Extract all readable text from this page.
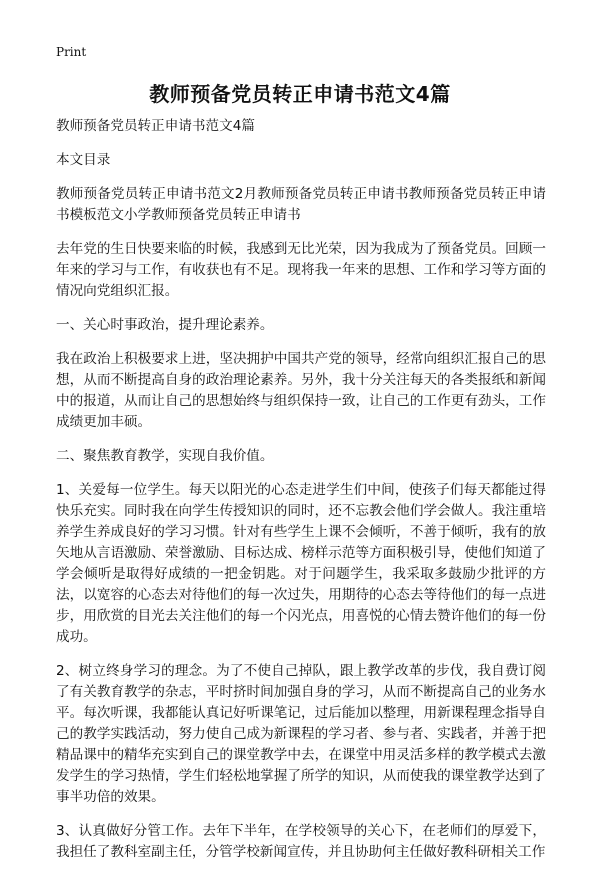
Print
教师预备党员转正申请书范文4篇

教师预备党员转正申请书范文4篇

本文目录

教师预备党员转正申请书范文2月教师预备党员转正申请书教师预备党员转正申请书模板范文小学教师预备党员转正申请书

去年党的生日快要来临的时候，我感到无比光荣，因为我成为了预备党员。回顾一年来的学习与工作，有收获也有不足。现将我一年来的思想、工作和学习等方面的情况向党组织汇报。

一、关心时事政治，提升理论素养。

我在政治上积极要求上进，坚决拥护中国共产党的领导，经常向组织汇报自己的思想，从而不断提高自身的政治理论素养。另外，我十分关注每天的各类报纸和新闻中的报道，从而让自己的思想始终与组织保持一致，让自己的工作更有劲头，工作成绩更加丰硕。

二、聚焦教育教学，实现自我价值。

1、关爱每一位学生。每天以阳光的心态走进学生们中间，使孩子们每天都能过得快乐充实。同时我在向学生传授知识的同时，还不忘教会他们学会做人。我注重培养学生养成良好的学习习惯。针对有些学生上课不会倾听，不善于倾听，我有的放矢地从言语激励、荣誉激励、目标达成、榜样示范等方面积极引导，使他们知道了学会倾听是取得好成绩的一把金钥匙。对于问题学生，我采取多鼓励少批评的方法，以宽容的心态去对待他们的每一次过失，用期待的心态去等待他们的每一点进步，用欣赏的目光去关注他们的每一个闪光点，用喜悦的心情去赞许他们的每一份成功。

2、树立终身学习的理念。为了不使自己掉队，跟上教学改革的步伐，我自费订阅了有关教育教学的杂志，平时挤时间加强自身的学习，从而不断提高自己的业务水平。每次听课，我都能认真记好听课笔记，过后能加以整理，用新课程理念指导自己的教学实践活动，努力使自己成为新课程的学习者、参与者、实践者，并善于把精品课中的精华充实到自己的课堂教学中去，在课堂中用灵活多样的教学模式去激发学生的学习热情，学生们轻松地掌握了所学的知识，从而使我的课堂教学达到了事半功倍的效果。

3、认真做好分管工作。去年下半年，在学校领导的关心下，在老师们的厚爱下，我担任了教科室副主任，分管学校新闻宣传，并且协助何主任做好教科研相关工作
